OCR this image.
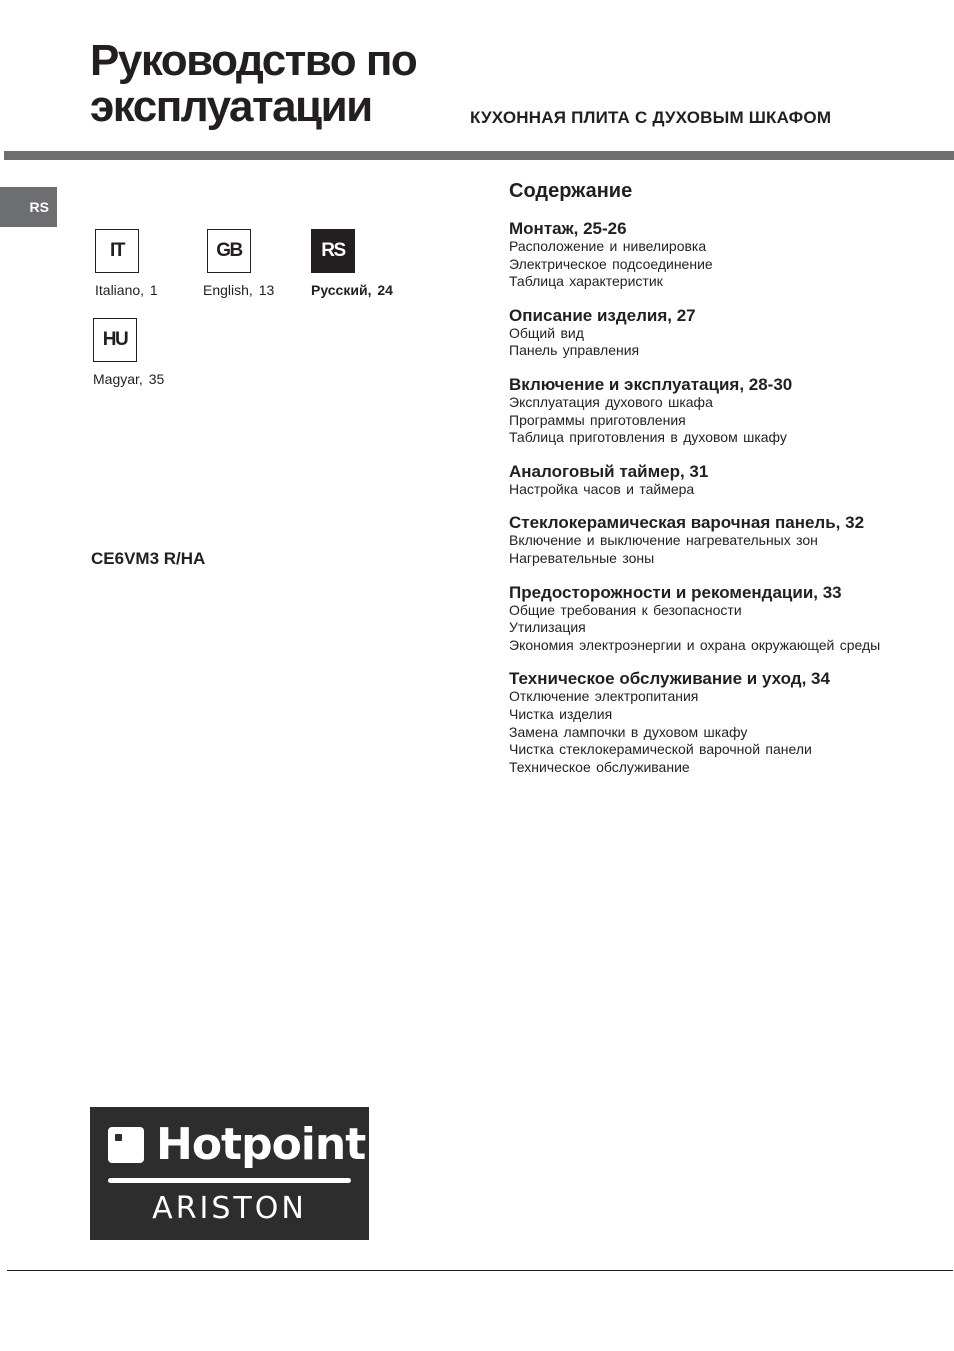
Руководство по
эксплуатации	КУХОННАЯ ПЛИТА С ДУХОВЫМ ШКАФОМ
RS
IT
Italiano, 1
GB
English, 13
RS
Русский, 24
HU
Magyar, 35
CE6VM3 R/HA
Содержание
Монтаж, 25-26
Расположение и нивелировка
Электрическое подсоединение
Таблица характеристик
Описание изделия, 27
Общий вид
Панель управления
Включение и эксплуатация, 28-30
Эксплуатация духового шкафа
Программы приготовления
Таблица приготовления в духовом шкафу
Аналоговый таймер, 31
Настройка часов и таймера
Стеклокерамическая варочная панель, 32
Включение и выключение нагревательных зон
Нагревательные зоны
Предосторожности и рекомендации, 33
Общие требования к безопасности
Утилизация
Экономия электроэнергии и охрана окружающей среды
Техническое обслуживание и уход, 34
Отключение электропитания
Чистка изделия
Замена лампочки в духовом шкафу
Чистка стеклокерамической варочной панели
Техническое обслуживание
Hotpoint
ARISTON
